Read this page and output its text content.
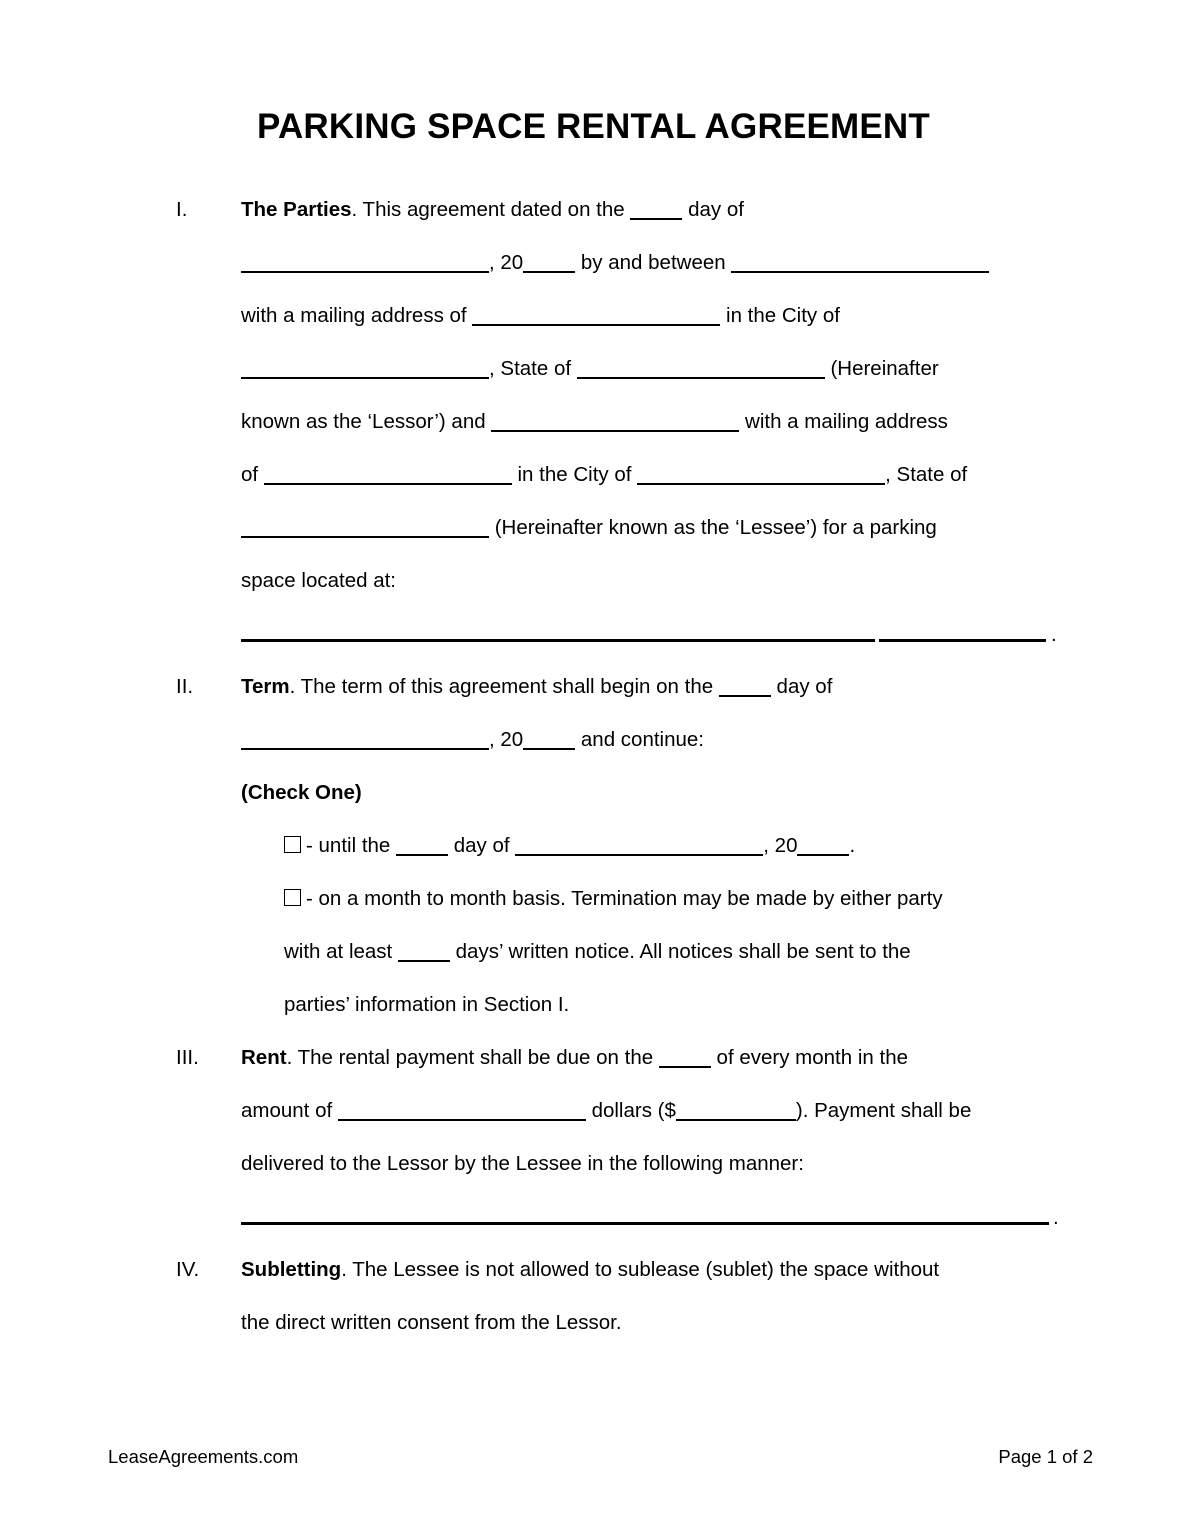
PARKING SPACE RENTAL AGREEMENT
I.	The Parties. This agreement dated on the	day of
, 20	by and between
with a mailing address of	in the City of
, State of	(Hereinafter
known as the ‘Lessor’) and	with a mailing address
of	in the City of	, State of
(Hereinafter known as the ‘Lessee’) for a parking
space located at:
.
II.	Term. The term of this agreement shall begin on the	day of
, 20	and continue:
(Check One)
- until the	day of	, 20	.
- on a month to month basis. Termination may be made by either party
with at least	days’ written notice. All notices shall be sent to the
parties’ information in Section I.
III.	Rent. The rental payment shall be due on the	of every month in the
amount of	dollars ($	). Payment shall be
delivered to the Lessor by the Lessee in the following manner:
.
IV.	Subletting. The Lessee is not allowed to sublease (sublet) the space without
the direct written consent from the Lessor.
LeaseAgreements.com	Page 1 of 2
